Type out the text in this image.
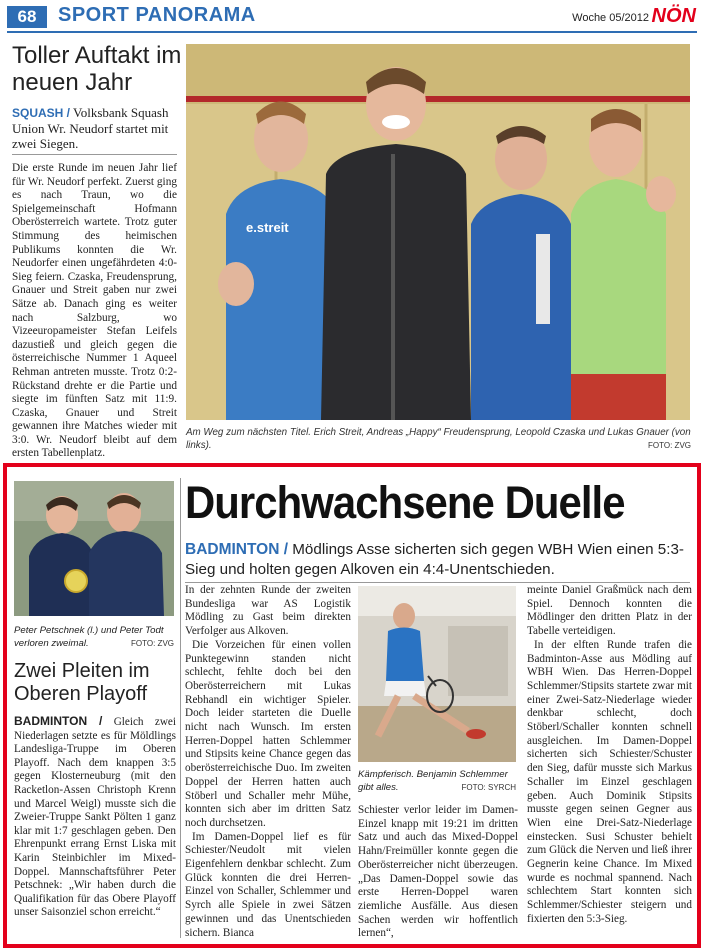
68	SPORT PANORAMA	Woche 05/2012 NÖN
Toller Auftakt im neuen Jahr
SQUASH / Volksbank Squash Union Wr. Neudorf startet mit zwei Siegen.

Die erste Runde im neuen Jahr lief für Wr. Neudorf perfekt. Zuerst ging es nach Traun, wo die Spielgemeinschaft Hofmann Oberösterreich wartete. Trotz guter Stimmung des heimischen Publikums konnten die Wr. Neudorfer einen ungefährdeten 4:0-Sieg feiern. Czaska, Freudensprung, Gnauer und Streit gaben nur zwei Sätze ab. Danach ging es weiter nach Salzburg, wo Vizeeuropameister Stefan Leifels dazustieß und gleich gegen die österreichische Nummer 1 Aqueel Rehman antreten musste. Trotz 0:2-Rückstand drehte er die Partie und siegte im fünften Satz mit 11:9. Czaska, Gnauer und Streit gewannen ihre Matches wieder mit 3:0. Wr. Neudorf bleibt auf dem ersten Tabellenplatz.

e.streit
Am Weg zum nächsten Titel. Erich Streit, Andreas „Happy“ Freudensprung, Leopold Czaska und Lukas Gnauer (von links).	FOTO: ZVG
Peter Petschnek (l.) und Peter Todt verloren zweimal.	FOTO: ZVG
Zwei Pleiten im Oberen Playoff

BADMINTON / Gleich zwei Niederlagen setzte es für Möldlings Landesliga-Truppe im Oberen Playoff. Nach dem knappen 3:5 gegen Klosterneuburg (mit den Racketlon-Assen Christoph Krenn und Marcel Weigl) musste sich die Zweier-Truppe Sankt Pölten 1 ganz klar mit 1:7 geschlagen geben. Den Ehrenpunkt errang Ernst Liska mit Karin Steinbichler im Mixed-Doppel. Mannschaftsführer Peter Petschnek: „Wir haben durch die Qualifikation für das Obere Playoff unser Saisonziel schon erreicht.“

Durchwachsene Duelle
BADMINTON / Mödlings Asse sicherten sich gegen WBH Wien einen 5:3-Sieg und holten gegen Alkoven ein 4:4-Unentschieden.

In der zehnten Runde der zweiten Bundesliga war AS Logistik Mödling zu Gast beim direkten Verfolger aus Alkoven.

Die Vorzeichen für einen vollen Punktegewinn standen nicht schlecht, fehlte doch bei den Oberösterreichern mit Lukas Rebhandl ein wichtiger Spieler. Doch leider starteten die Duelle nicht nach Wunsch. Im ersten Herren-Doppel hatten Schlemmer und Stipsits keine Chance gegen das oberösterreichische Duo. Im zweiten Doppel der Herren hatten auch Stöberl und Schaller mehr Mühe, konnten sich aber im dritten Satz noch durchsetzen.

Im Damen-Doppel lief es für Schiester/Neudolt mit vielen Eigenfehlern denkbar schlecht. Zum Glück konnten die drei Herren-Einzel von Schaller, Schlemmer und Syrch alle Spiele in zwei Sätzen gewinnen und das Unentschieden sichern. Bianca

Kämpferisch. Benjamin Schlemmer gibt alles.	FOTO: SYRCH

Schiester verlor leider im Damen-Einzel knapp mit 19:21 im dritten Satz und auch das Mixed-Doppel Hahn/Freimüller konnte gegen die Oberösterreicher nicht überzeugen. „Das Damen-Doppel sowie das erste Herren-Doppel waren ziemliche Ausfälle. Aus diesen Sachen werden wir hoffentlich lernen“,

meinte Daniel Graßmück nach dem Spiel. Dennoch konnten die Mödlinger den dritten Platz in der Tabelle verteidigen.

In der elften Runde trafen die Badminton-Asse aus Mödling auf WBH Wien. Das Herren-Doppel Schlemmer/Stipsits startete zwar mit einer Zwei-Satz-Niederlage wieder denkbar schlecht, doch Stöberl/Schaller konnten schnell ausgleichen. Im Damen-Doppel sicherten sich Schiester/Schuster den Sieg, dafür musste sich Markus Schaller im Einzel geschlagen geben. Auch Dominik Stipsits musste gegen seinen Gegner aus Wien eine Drei-Satz-Niederlage einstecken. Susi Schuster behielt zum Glück die Nerven und ließ ihrer Gegnerin keine Chance. Im Mixed wurde es nochmal spannend. Nach schlechtem Start konnten sich Schlemmer/Schiester steigern und fixierten den 5:3-Sieg.
